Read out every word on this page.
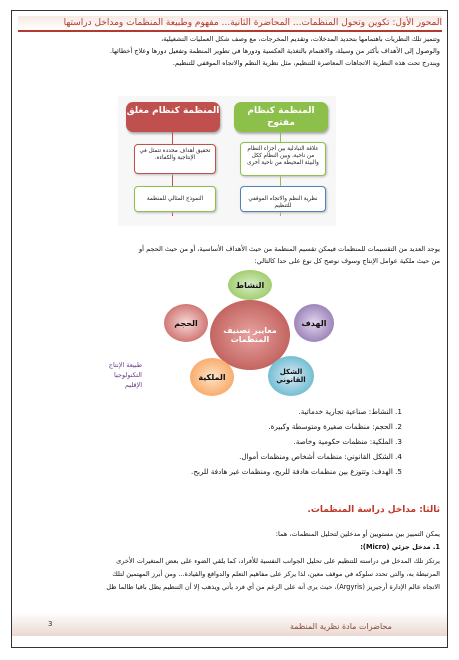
المحور الأول: تكوين وتحول المنظمات... المحاضرة الثانية... مفهوم وطبيعة المنظمات ومداخل دراستها
وتتميز تلك النظريات باهتمامها بتحديد المدخلات، وتقديم المخرجات، مع وصف شكل العمليات التشغيلية،
والوصول إلى الأهداف بأكثر من وسيلة، والاهتمام بالتغذية العكسية ودورها في تطوير المنظمة وتفعيل دورها وعلاج أخطائها.
ويندرج تحت هذه النظرية الاتجاهات المعاصرة للتنظيم، مثل نظرية النظم والاتجاه الموقفي للتنظيم.
المنظمة كنظام مغلق	المنظمة كنظام مفتوح
تحقيق أهداف محددة تتمثل في الإنتاجية والكفاءة.
النموذج المثالي للمنظمة
علاقة التبادلية بين أجزاء النظام من ناحية، وبين النظام ككل والبيئة المحيطة من ناحية أخرى
نظرية النظم والاتجاه الموقفي للتنظيم
يوجد العديد من التقسيمات للمنظمات فيمكن تقسيم المنظمة من حيث الأهداف الأساسية، أو من حيث الحجم أو
من حيث ملكية عوامل الإنتاج وسوف نوضح كل نوع على حدا كالتالي:
معايير تصنيف المنظمات
النشاط
الهدف
الشكل القانوني
الملكية
الحجم
طبيعة الإنتاج
التكنولوجيا
الإقليم
1. النشاط: صناعية تجارية خدماتية.
2. الحجم: منظمات صغيرة ومتوسطة وكبيرة.
3. الملكية: منظمات حكومية وخاصة.
4. الشكل القانوني: منظمات أشخاص ومنظمات أموال.
5. الهدف: وتتوزع بين منظمات هادفة للربح، ومنظمات غير هادفة للربح.
ثالثا: مداخل دراسة المنظمات.
يمكن التمييز بين مستويين أو مدخلين لتحليل المنظمات، هما:
1. مدخل جزئي (Micro):
يرتكز تلك المدخل في دراسته للتنظيم على تحليل الجوانب النفسية للأفراد، كما يلقي الضوء على بعض المتغيرات الأخرى
المرتبطة به، والتي تحدد سلوكه في موقف معين، لذا يركز على مفاهيم التعلم والدوافع والقيادة... ومن أبرز المهتمين لتلك
الاتجاه عالم الإدارة أرجيريز (Argyris)، حيث يرى أنه على الرغم من أي فرد يأتي ويذهب إلا أن التنظيم يظل باقيا طالما ظل
3	محاضرات مادة نظرية المنظمة
